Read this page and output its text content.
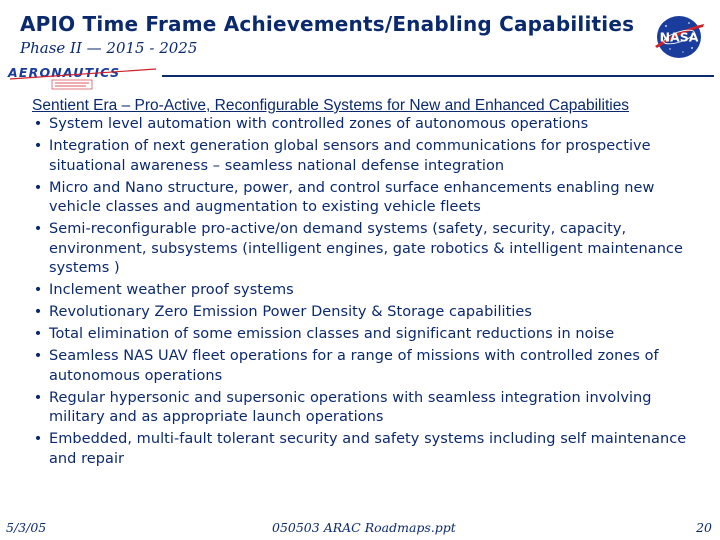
APIO Time Frame Achievements/Enabling Capabilities
Phase II — 2015 - 2025
NASA
AERONAUTICS
Sentient Era – Pro-Active, Reconfigurable Systems for New and Enhanced Capabilities
• System level automation with controlled zones of autonomous operations
• Integration of next generation global sensors and communications for prospective situational awareness – seamless national defense integration
• Micro and Nano structure, power, and control surface enhancements enabling new vehicle classes and augmentation to existing vehicle fleets
• Semi-reconfigurable pro-active/on demand systems (safety, security, capacity, environment, subsystems (intelligent engines, gate robotics & intelligent maintenance systems )
• Inclement weather proof systems
• Revolutionary Zero Emission Power Density & Storage capabilities
• Total elimination of some emission classes and significant reductions in noise
• Seamless NAS UAV fleet operations for a range of missions with controlled zones of autonomous operations
• Regular hypersonic and supersonic operations with seamless integration involving military and as appropriate launch operations
• Embedded, multi-fault tolerant security and safety systems including self maintenance and repair
5/3/05	050503 ARAC Roadmaps.ppt	20
